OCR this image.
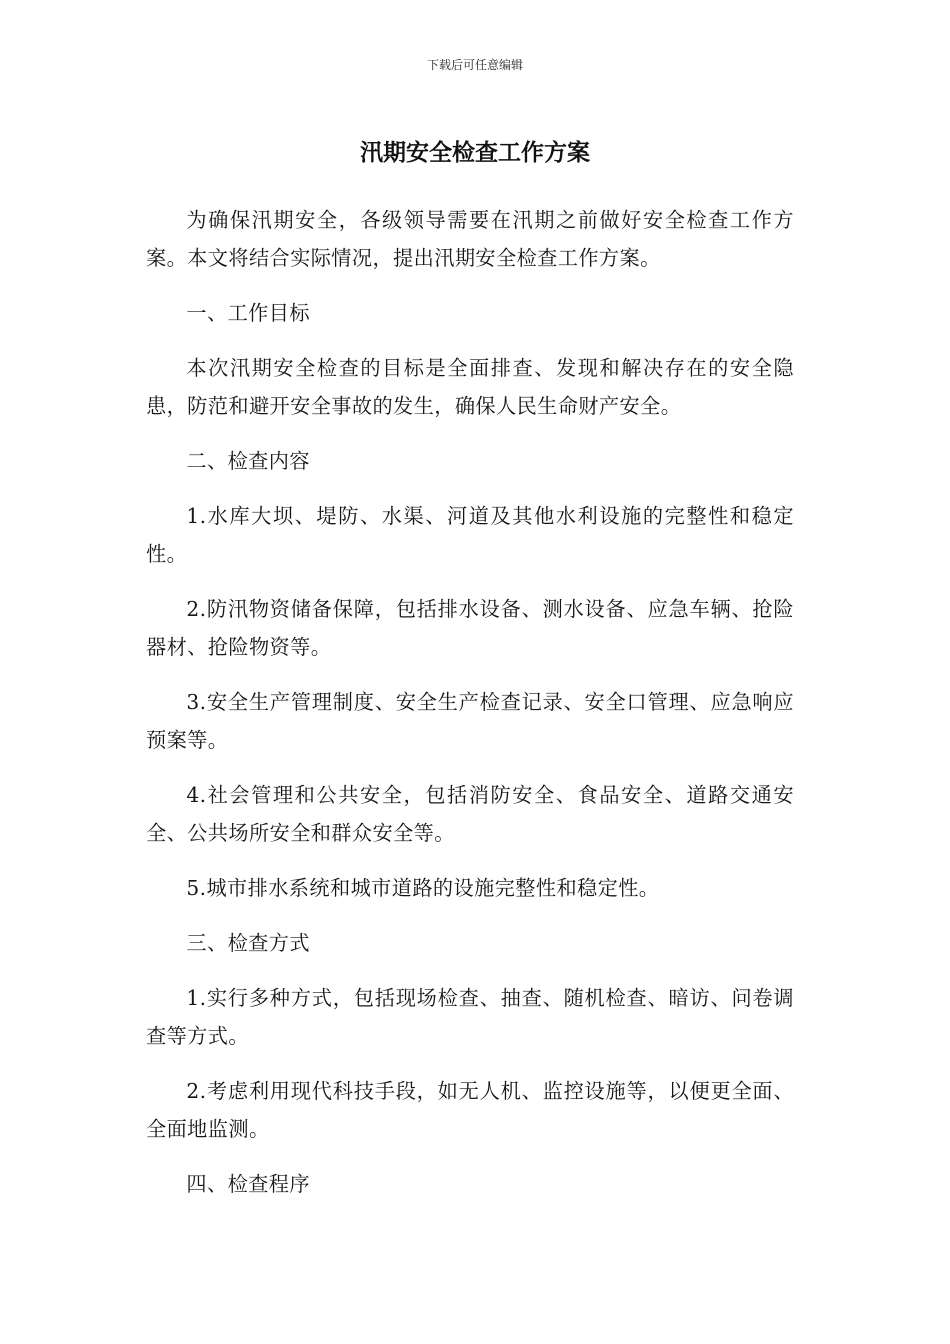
下载后可任意编辑
汛期安全检查工作方案

为确保汛期安全，各级领导需要在汛期之前做好安全检查工作方案。本文将结合实际情况，提出汛期安全检查工作方案。

一、工作目标

本次汛期安全检查的目标是全面排查、发现和解决存在的安全隐患，防范和避开安全事故的发生，确保人民生命财产安全。

二、检查内容

1.水库大坝、堤防、水渠、河道及其他水利设施的完整性和稳定性。

2.防汛物资储备保障，包括排水设备、测水设备、应急车辆、抢险器材、抢险物资等。

3.安全生产管理制度、安全生产检查记录、安全口管理、应急响应预案等。

4.社会管理和公共安全，包括消防安全、食品安全、道路交通安全、公共场所安全和群众安全等。

5.城市排水系统和城市道路的设施完整性和稳定性。

三、检查方式

1.实行多种方式，包括现场检查、抽查、随机检查、暗访、问卷调查等方式。

2.考虑利用现代科技手段，如无人机、监控设施等，以便更全面、全面地监测。

四、检查程序
